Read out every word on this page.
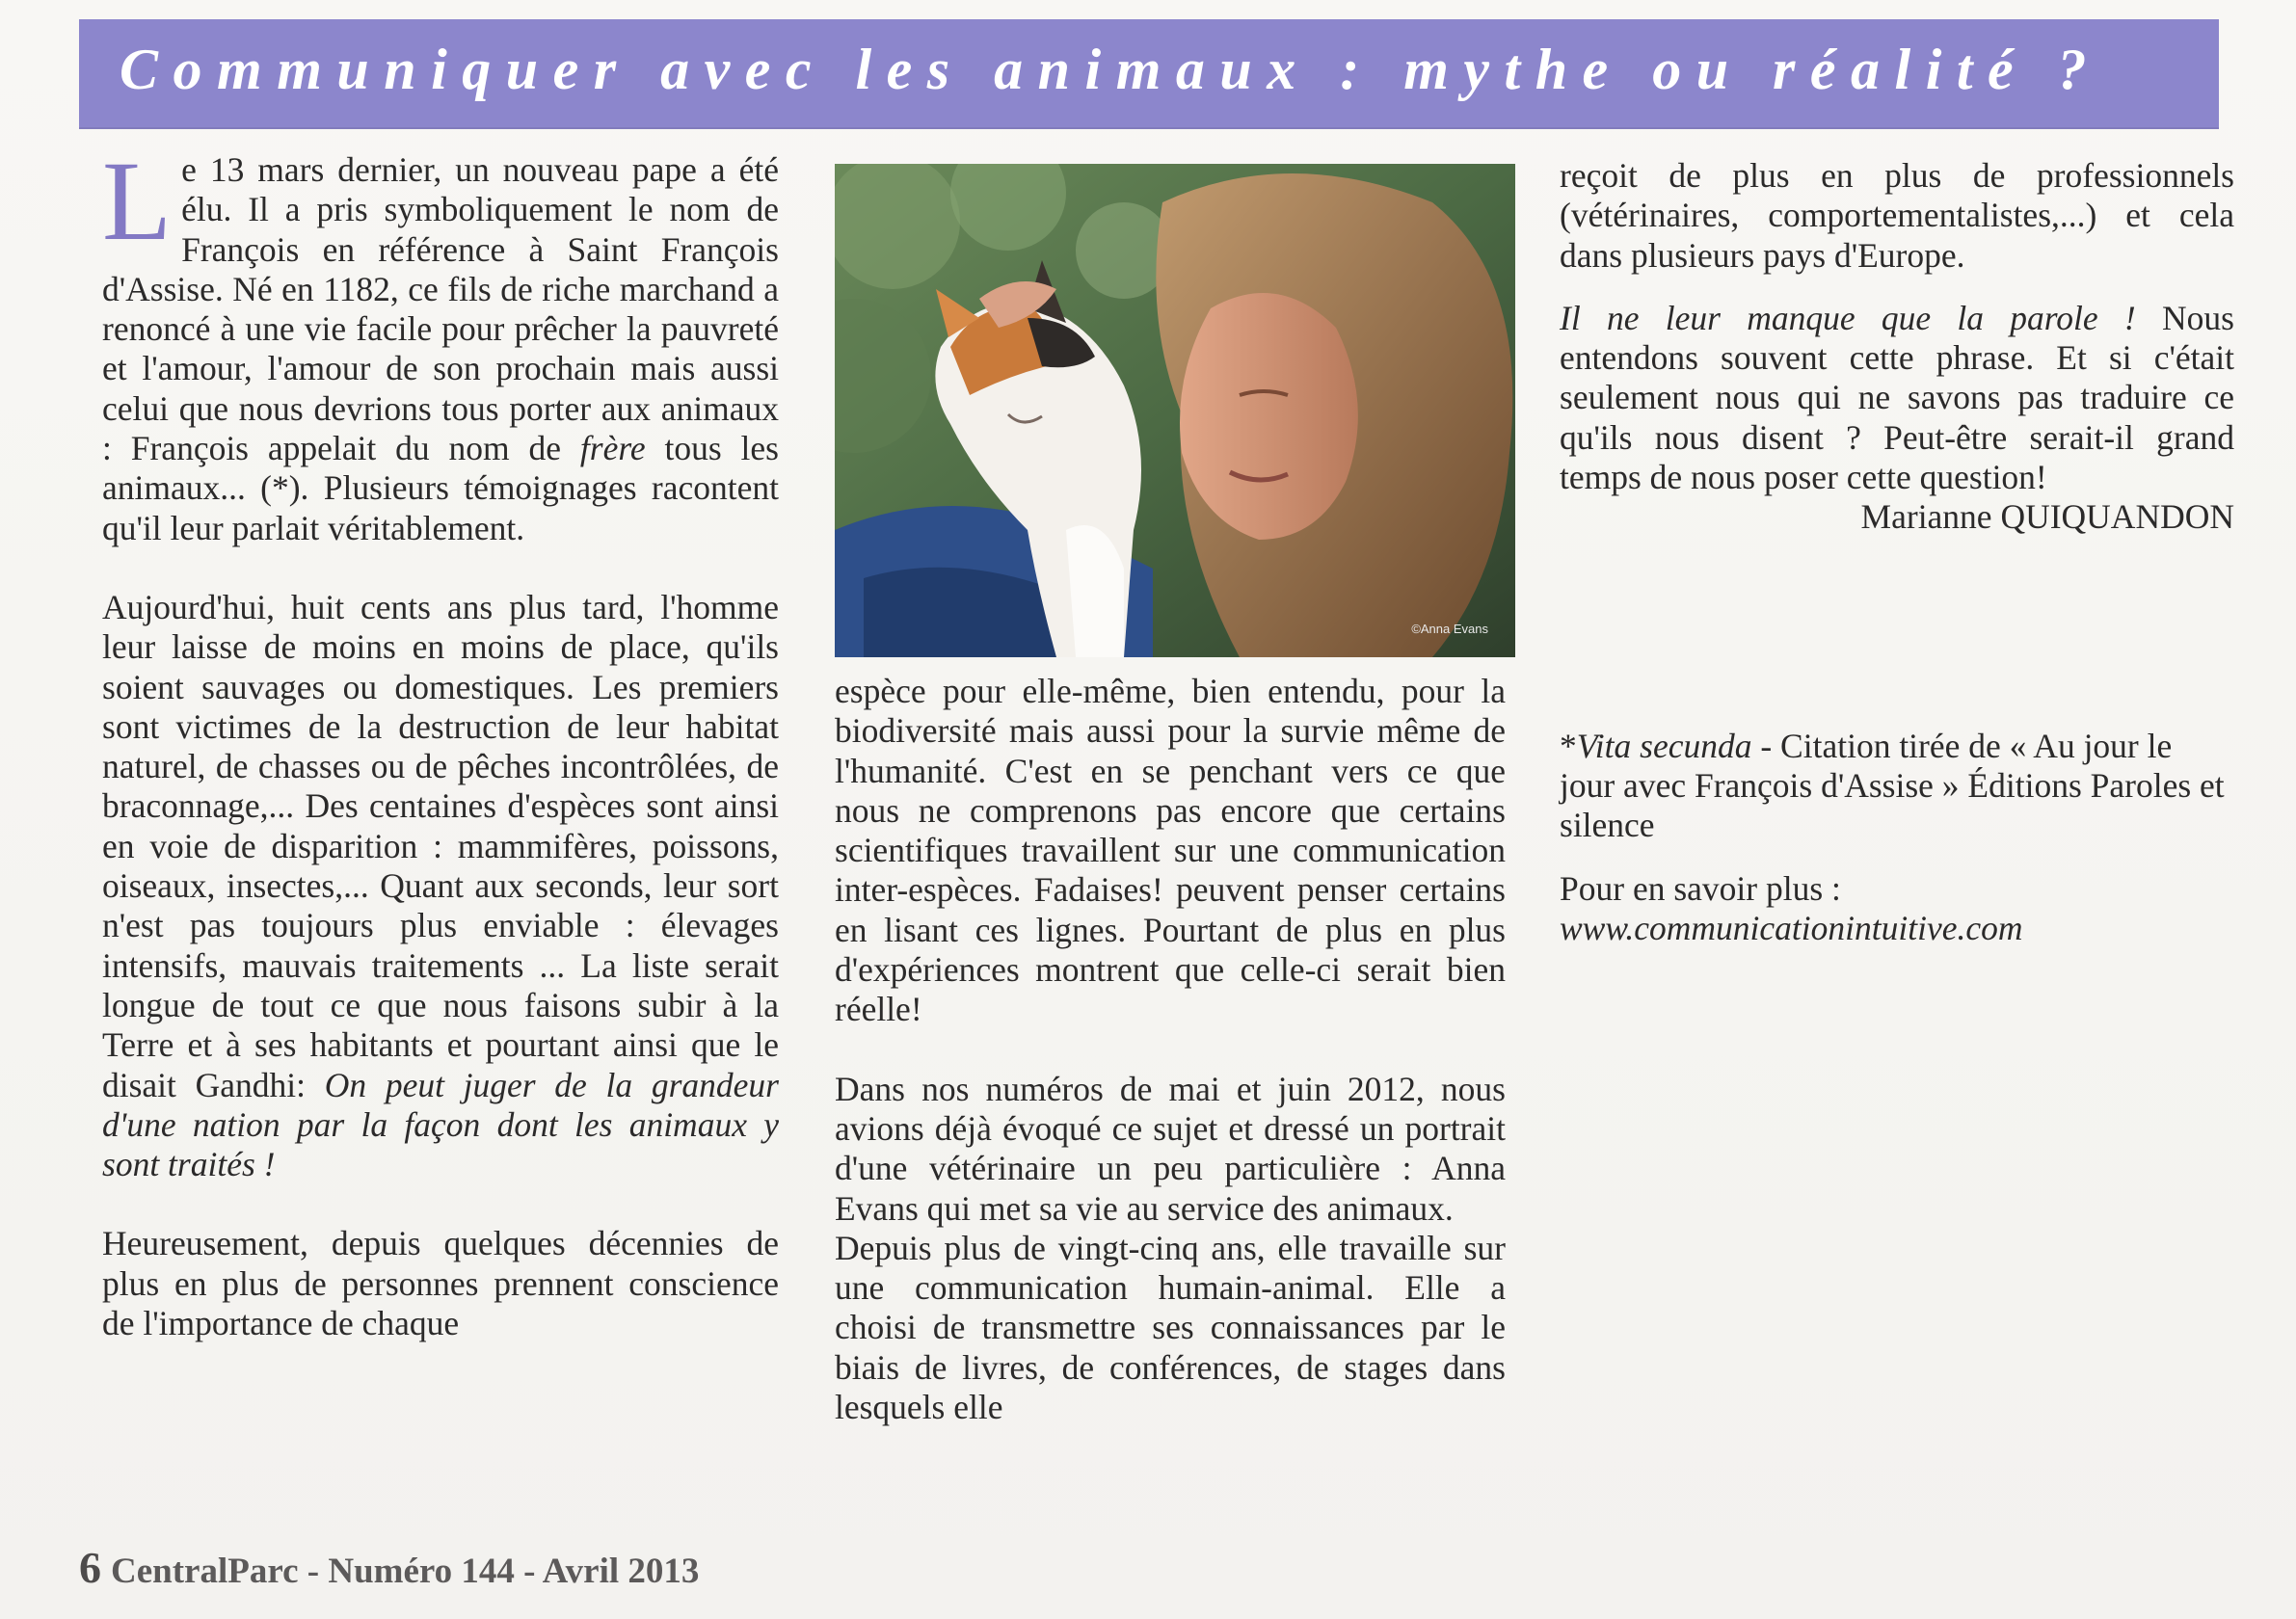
Communiquer avec les animaux : mythe ou réalité ?

Le 13 mars dernier, un nouveau pape a été élu. Il a pris symboliquement le nom de François en référence à Saint François d'Assise. Né en 1182, ce fils de riche marchand a renoncé à une vie facile pour prêcher la pauvreté et l'amour, l'amour de son prochain mais aussi celui que nous devrions tous porter aux animaux : François appelait du nom de frère tous les animaux... (*). Plusieurs témoignages racontent qu'il leur parlait véritablement.

Aujourd'hui, huit cents ans plus tard, l'homme leur laisse de moins en moins de place, qu'ils soient sauvages ou domestiques. Les premiers sont victimes de la destruction de leur habitat naturel, de chasses ou de pêches incontrôlées, de braconnage,... Des centaines d'espèces sont ainsi en voie de disparition : mammifères, poissons, oiseaux, insectes,... Quant aux seconds, leur sort n'est pas toujours plus enviable : élevages intensifs, mauvais traitements ... La liste serait longue de tout ce que nous faisons subir à la Terre et à ses habitants et pourtant ainsi que le disait Gandhi: On peut juger de la grandeur d'une nation par la façon dont les animaux y sont traités !

Heureusement, depuis quelques décennies de plus en plus de personnes prennent conscience de l'importance de chaque

©Anna Evans

espèce pour elle-même, bien entendu, pour la biodiversité mais aussi pour la survie même de l'humanité. C'est en se penchant vers ce que nous ne comprenons pas encore que certains scientifiques travaillent sur une communication inter-espèces. Fadaises! peuvent penser certains en lisant ces lignes. Pourtant de plus en plus d'expériences montrent que celle-ci serait bien réelle!

Dans nos numéros de mai et juin 2012, nous avions déjà évoqué ce sujet et dressé un portrait d'une vétérinaire un peu particulière : Anna Evans qui met sa vie au service des animaux.

Depuis plus de vingt-cinq ans, elle travaille sur une communication humain-animal. Elle a choisi de transmettre ses connaissances par le biais de livres, de conférences, de stages dans lesquels elle

reçoit de plus en plus de professionnels (vétérinaires, comportementalistes,...) et cela dans plusieurs pays d'Europe.

Il ne leur manque que la parole ! Nous entendons souvent cette phrase. Et si c'était seulement nous qui ne savons pas traduire ce qu'ils nous disent ? Peut-être serait-il grand temps de nous poser cette question!

Marianne QUIQUANDON

*Vita secunda - Citation tirée de « Au jour le jour avec François d'Assise » Éditions Paroles et silence

Pour en savoir plus :

www.communicationintuitive.com

6 CentralParc - Numéro 144 - Avril 2013
